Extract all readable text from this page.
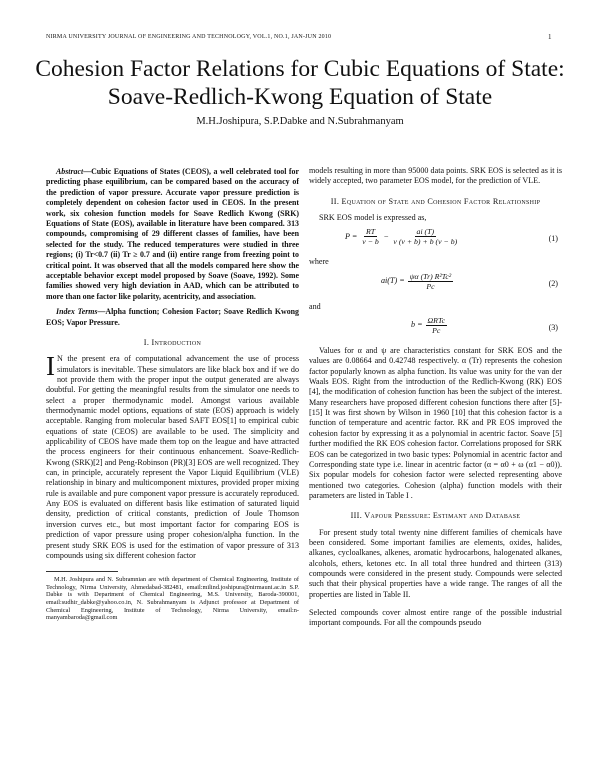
NIRMA UNIVERSITY JOURNAL OF ENGINEERING AND TECHNOLOGY, VOL.1, NO.1, JAN-JUN 2010	1
Cohesion Factor Relations for Cubic Equations of State: Soave-Redlich-Kwong Equation of State
M.H.Joshipura, S.P.Dabke and N.Subrahmanyam

Abstract—Cubic Equations of States (CEOS), a well celebrated tool for predicting phase equilibrium, can be compared based on the accuracy of the prediction of vapor pressure. Accurate vapor pressure prediction is completely dependent on cohesion factor used in CEOS. In the present work, six cohesion function models for Soave Redlich Kwong (SRK) Equations of State (EOS), available in literature have been compared. 313 compounds, compromising of 29 different classes of families, have been selected for the study. The reduced temperatures were studied in three regions; (i) Tr<0.7 (ii) Tr ≥ 0.7 and (ii) entire range from freezing point to critical point. It was observed that all the models compared here show the acceptable behavior except model proposed by Soave (Soave, 1992). Some families showed very high deviation in AAD, which can be attributed to more than one factor like polarity, acentricity, and association.

Index Terms—Alpha function; Cohesion Factor; Soave Redlich Kwong EOS; Vapor Pressure.

I. Introduction

I N the present era of computational advancement the use of process simulators is inevitable. These simulators are like black box and if we do not provide them with the proper input the output generated are always doubtful. For getting the meaningful results from the simulator one needs to select a proper thermodynamic model. Amongst various available thermodynamic model options, equations of state (EOS) approach is widely acceptable. Ranging from molecular based SAFT EOS[1] to empirical cubic equations of state (CEOS) are available to be used. The simplicity and applicability of CEOS have made them top on the league and have attracted the process engineers for their continuous enhancement. Soave-Redlich-Kwong (SRK)[2] and Peng-Robinson (PR)[3] EOS are well recognized. They can, in principle, accurately represent the Vapor Liquid Equilibrium (VLE) relationship in binary and multicomponent mixtures, provided proper mixing rule is available and pure component vapor pressure is accurately reproduced. Any EOS is evaluated on different basis like estimation of saturated liquid density, prediction of critical constants, prediction of Joule Thomson inversion curves etc., but most important factor for comparing EOS is prediction of vapor pressure using proper cohesion/alpha function. In the present study SRK EOS is used for the estimation of vapor pressure of 313 compounds using six different cohesion factor

M.H. Joshipura and N. Subramnian are with department of Chemical Engineering, Institute of Technology, Nirma University, Ahmedabad-382481, email:milind.joshipura@nirmauni.ac.in S.P. Dabke is with Department of Chemical Engineering, M.S. University, Baroda-390001, email:sudhir_dabke@yahoo.co.in, N. Subrahmanyam is Adjunct professor at Department of Chemical Engineering, Institute of Technology, Nirma University, email:n-manyambaroda@gmail.com

models resulting in more than 95000 data points. SRK EOS is selected as it is widely accepted, two parameter EOS model, for the prediction of VLE.

II. Equation of State and Cohesion Factor Relationship

SRK EOS model is expressed as,

$P = \frac{RT}{\nu - b} - \frac{ai (T)}{\nu (\nu + b) + b (\nu - b)}$	(1)

where

$ai(T) = \frac{\text{ψα (Tr) R²Tc²}}{Pc}$	(2)

and

$b = \frac{\text{ΩRTc}}{Pc}$	(3)

Values for α and ψ are characteristics constant for SRK EOS and the values are 0.08664 and 0.42748 respectively. α (Tr) represents the cohesion factor popularly known as alpha function. Its value was unity for the van der Waals EOS. Right from the introduction of the Redlich-Kwong (RK) EOS [4], the modification of cohesion function has been the subject of the interest. Many researchers have proposed different cohesion functions there after [5]-[15] It was first shown by Wilson in 1960 [10] that this cohesion factor is a function of temperature and acentric factor. RK and PR EOS improved the cohesion factor by expressing it as a polynomial in acentric factor. Soave [5] further modified the RK EOS cohesion factor. Correlations proposed for SRK EOS can be categorized in two basic types: Polynomial in acentric factor and Corresponding state type i.e. linear in acentric factor (α = α0 + ω (α1 − α0)). Six popular models for cohesion factor were selected representing above mentioned two categories. Cohesion (alpha) function models with their parameters are listed in Table I .

III. Vapour Pressure: Estimant and Database

For present study total twenty nine different families of chemicals have been considered. Some important families are elements, oxides, halides, alkanes, cycloalkanes, alkenes, aromatic hydrocarbons, halogenated alkanes, alcohols, ethers, ketones etc. In all total three hundred and thirteen (313) compounds were considered in the present study. Compounds were selected such that their physical properties have a wide range. The ranges of all the properties are listed in Table II.

Selected compounds cover almost entire range of the possible industrial important compounds. For all the compounds pseudo
